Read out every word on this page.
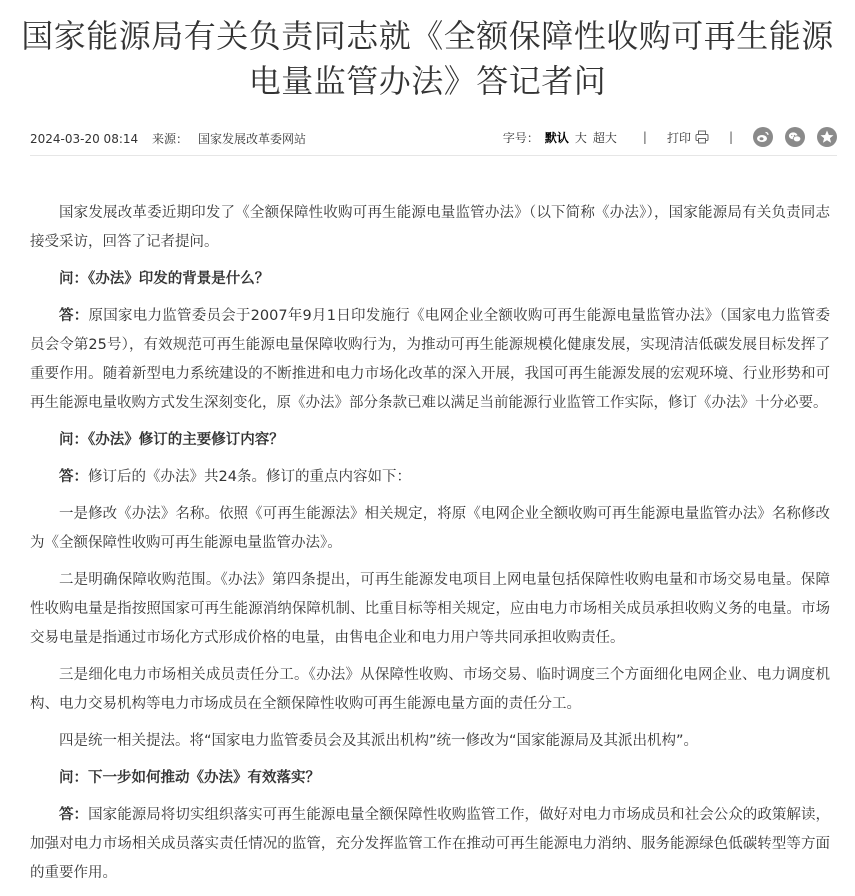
国家能源局有关负责同志就《全额保障性收购可再生能源
电量监管办法》答记者问
2024-03-20 08:14 来源： 国家发展改革委网站	字号： 默认 大 超大 | 打印	|

国家发展改革委近期印发了《全额保障性收购可再生能源电量监管办法》（以下简称《办法》），国家能源局有关负责同志接受采访，回答了记者提问。

问：《办法》印发的背景是什么？

答：原国家电力监管委员会于2007年9月1日印发施行《电网企业全额收购可再生能源电量监管办法》（国家电力监管委员会令第25号），有效规范可再生能源电量保障收购行为，为推动可再生能源规模化健康发展，实现清洁低碳发展目标发挥了重要作用。随着新型电力系统建设的不断推进和电力市场化改革的深入开展，我国可再生能源发展的宏观环境、行业形势和可再生能源电量收购方式发生深刻变化，原《办法》部分条款已难以满足当前能源行业监管工作实际，修订《办法》十分必要。

问：《办法》修订的主要修订内容？

答：修订后的《办法》共24条。修订的重点内容如下：

一是修改《办法》名称。依照《可再生能源法》相关规定，将原《电网企业全额收购可再生能源电量监管办法》名称修改为《全额保障性收购可再生能源电量监管办法》。

二是明确保障收购范围。《办法》第四条提出，可再生能源发电项目上网电量包括保障性收购电量和市场交易电量。保障性收购电量是指按照国家可再生能源消纳保障机制、比重目标等相关规定，应由电力市场相关成员承担收购义务的电量。市场交易电量是指通过市场化方式形成价格的电量，由售电企业和电力用户等共同承担收购责任。

三是细化电力市场相关成员责任分工。《办法》从保障性收购、市场交易、临时调度三个方面细化电网企业、电力调度机构、电力交易机构等电力市场成员在全额保障性收购可再生能源电量方面的责任分工。

四是统一相关提法。将“国家电力监管委员会及其派出机构”统一修改为“国家能源局及其派出机构”。

问：下一步如何推动《办法》有效落实？

答：国家能源局将切实组织落实可再生能源电量全额保障性收购监管工作，做好对电力市场成员和社会公众的政策解读，加强对电力市场相关成员落实责任情况的监管，充分发挥监管工作在推动可再生能源电力消纳、服务能源绿色低碳转型等方面的重要作用。
